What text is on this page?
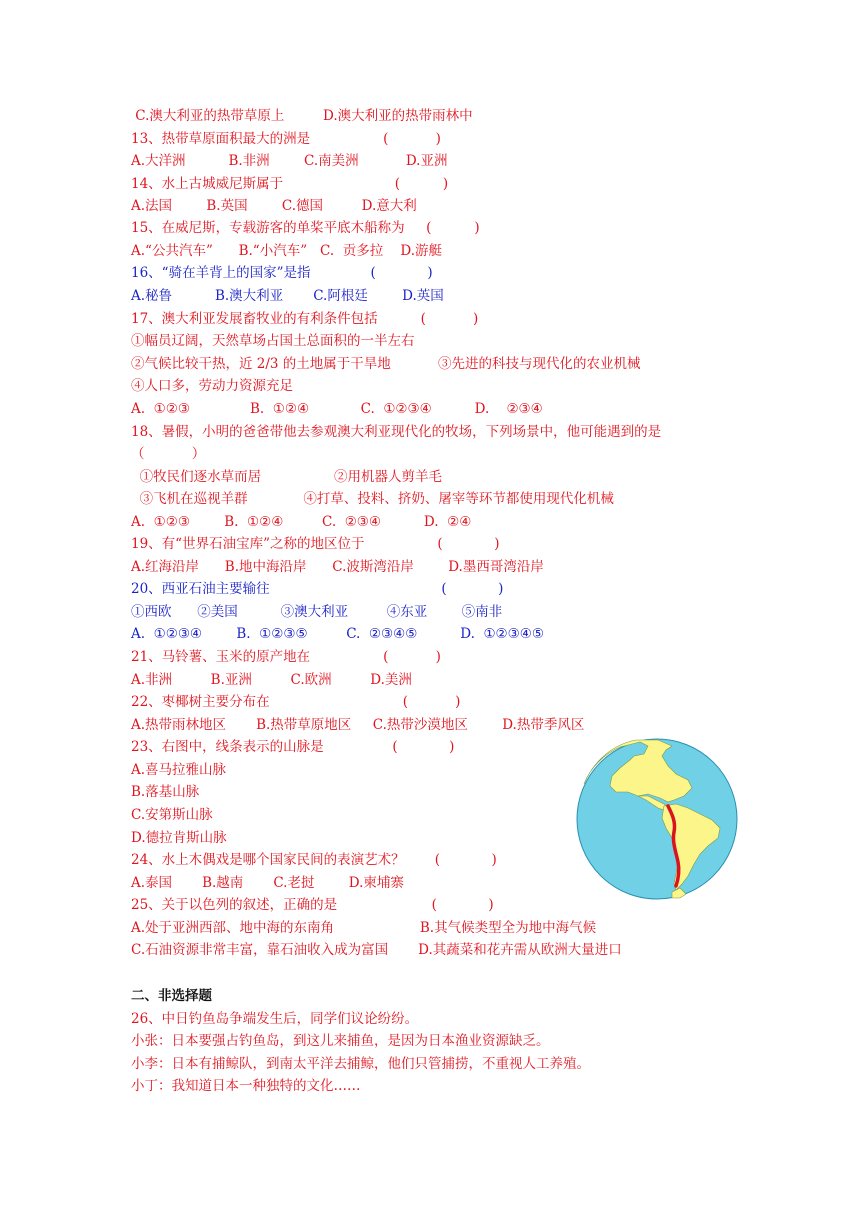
C.澳大利亚的热带草原上         D.澳大利亚的热带雨林中
13、热带草原面积最大的洲是                 (           )
A.大洋洲          B.非洲        C.南美洲           D.亚洲
14、水上古城威尼斯属于                          (          )
A.法国        B.英国        C.德国         D.意大利
15、在威尼斯，专载游客的单桨平底木船称为     (          )
A.“公共汽车”      B.“小汽车”   C.  贡多拉    D.游艇
16、“骑在羊背上的国家”是指              (            )
A.秘鲁          B.澳大利亚       C.阿根廷        D.英国
17、澳大利亚发展畜牧业的有利条件包括          (           )
①幅员辽阔，天然草场占国土总面积的一半左右
②气候比较干热，近 2/3 的土地属于干旱地           ③先进的科技与现代化的农业机械
④人口多，劳动力资源充足
A.  ①②③              B.  ①②④            C.  ①②③④          D.    ②③④
18、暑假，小明的爸爸带他去参观澳大利亚现代化的牧场，下列场景中，他可能遇到的是
（           ）
①牧民们逐水草而居                 ②用机器人剪羊毛
③飞机在巡视羊群             ④打草、投料、挤奶、屠宰等环节都使用现代化机械
A.  ①②③        B.  ①②④         C.  ②③④          D.  ②④
19、有“世界石油宝库”之称的地区位于                 (            )
A.红海沿岸      B.地中海沿岸      C.波斯湾沿岸        D.墨西哥湾沿岸
20、西亚石油主要输往                                        (            )
①西欧      ②美国          ③澳大利亚         ④东亚        ⑤南非
A.  ①②③④        B.  ①②③⑤         C.  ②③④⑤          D.  ①②③④⑤
21、马铃薯、玉米的原产地在                 (           )
A.非洲         B.亚洲         C.欧洲         D.美洲
22、枣椰树主要分布在                               (           )
A.热带雨林地区       B.热带草原地区     C.热带沙漠地区        D.热带季风区
23、右图中，线条表示的山脉是                (            )
A.喜马拉雅山脉
B.落基山脉
C.安第斯山脉
D.德拉肯斯山脉
24、水上木偶戏是哪个国家民间的表演艺术？       (            )
A.泰国       B.越南       C.老挝        D.柬埔寨
25、关于以色列的叙述，正确的是                      (            )
A.处于亚洲西部、地中海的东南角                    B.其气候类型全为地中海气候
C.石油资源非常丰富，靠石油收入成为富国       D.其蔬菜和花卉需从欧洲大量进口
二、非选择题
26、中日钓鱼岛争端发生后，同学们议论纷纷。
小张：日本要强占钓鱼岛，到这儿来捕鱼，是因为日本渔业资源缺乏。
小李：日本有捕鲸队，到南太平洋去捕鲸，他们只管捕捞，不重视人工养殖。
小丁：我知道日本一种独特的文化……
